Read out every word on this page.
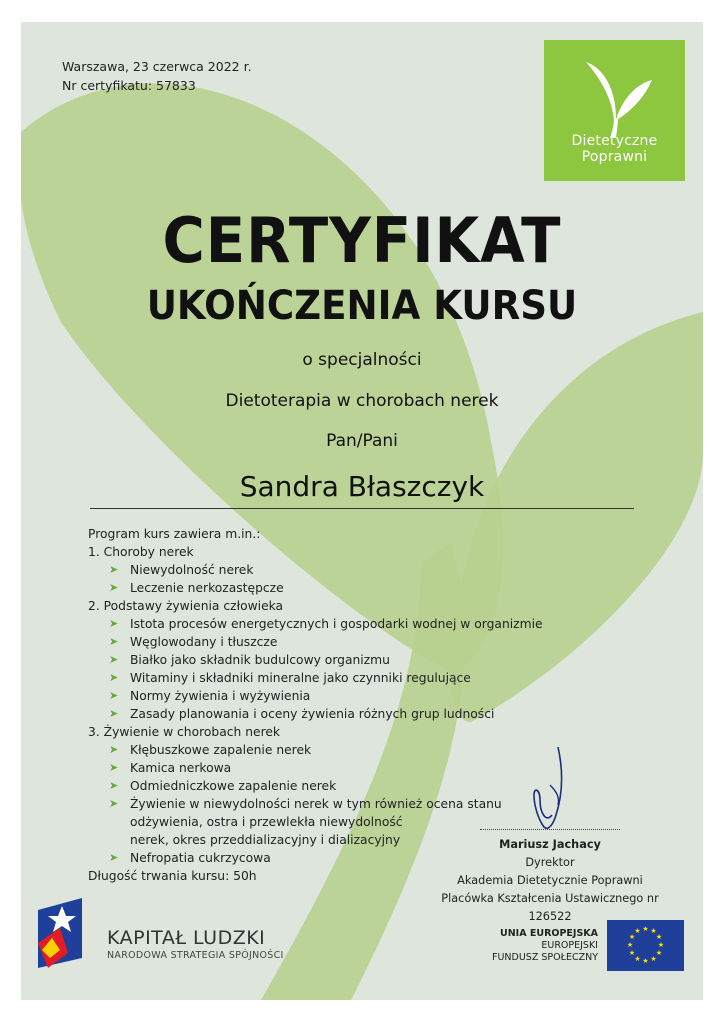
Warszawa, 23 czerwca 2022 r.
Nr certyfikatu: 57833
Dietetyczne
Poprawni
CERTYFIKAT
UKOŃCZENIA KURSU
o specjalności
Dietoterapia w chorobach nerek
Pan/Pani
Sandra Błaszczyk
Program kurs zawiera m.in.:
1. Choroby nerek
➤ Niewydolność nerek
➤ Leczenie nerkozastępcze
2. Podstawy żywienia człowieka
➤ Istota procesów energetycznych i gospodarki wodnej w organizmie
➤ Węglowodany i tłuszcze
➤ Białko jako składnik budulcowy organizmu
➤ Witaminy i składniki mineralne jako czynniki regulujące
➤ Normy żywienia i wyżywienia
➤ Zasady planowania i oceny żywienia różnych grup ludności
3. Żywienie w chorobach nerek
➤ Kłębuszkowe zapalenie nerek
➤ Kamica nerkowa
➤ Odmiedniczkowe zapalenie nerek
➤ Żywienie w niewydolności nerek w tym również ocena stanu
odżywienia, ostra i przewlekła niewydolność
nerek, okres przeddializacyjny i dializacyjny
➤ Nefropatia cukrzycowa
Długość trwania kursu: 50h
Mariusz Jachacy
Dyrektor
Akademia Dietetycznie Poprawni
Placówka Kształcenia Ustawicznego nr 126522
KAPITAŁ LUDZKI
NARODOWA STRATEGIA SPÓJNOŚCI
UNIA EUROPEJSKA
EUROPEJSKI
FUNDUSZ SPOŁECZNY
★ ★
★
★
★
★
★
★
★
★
★
★
